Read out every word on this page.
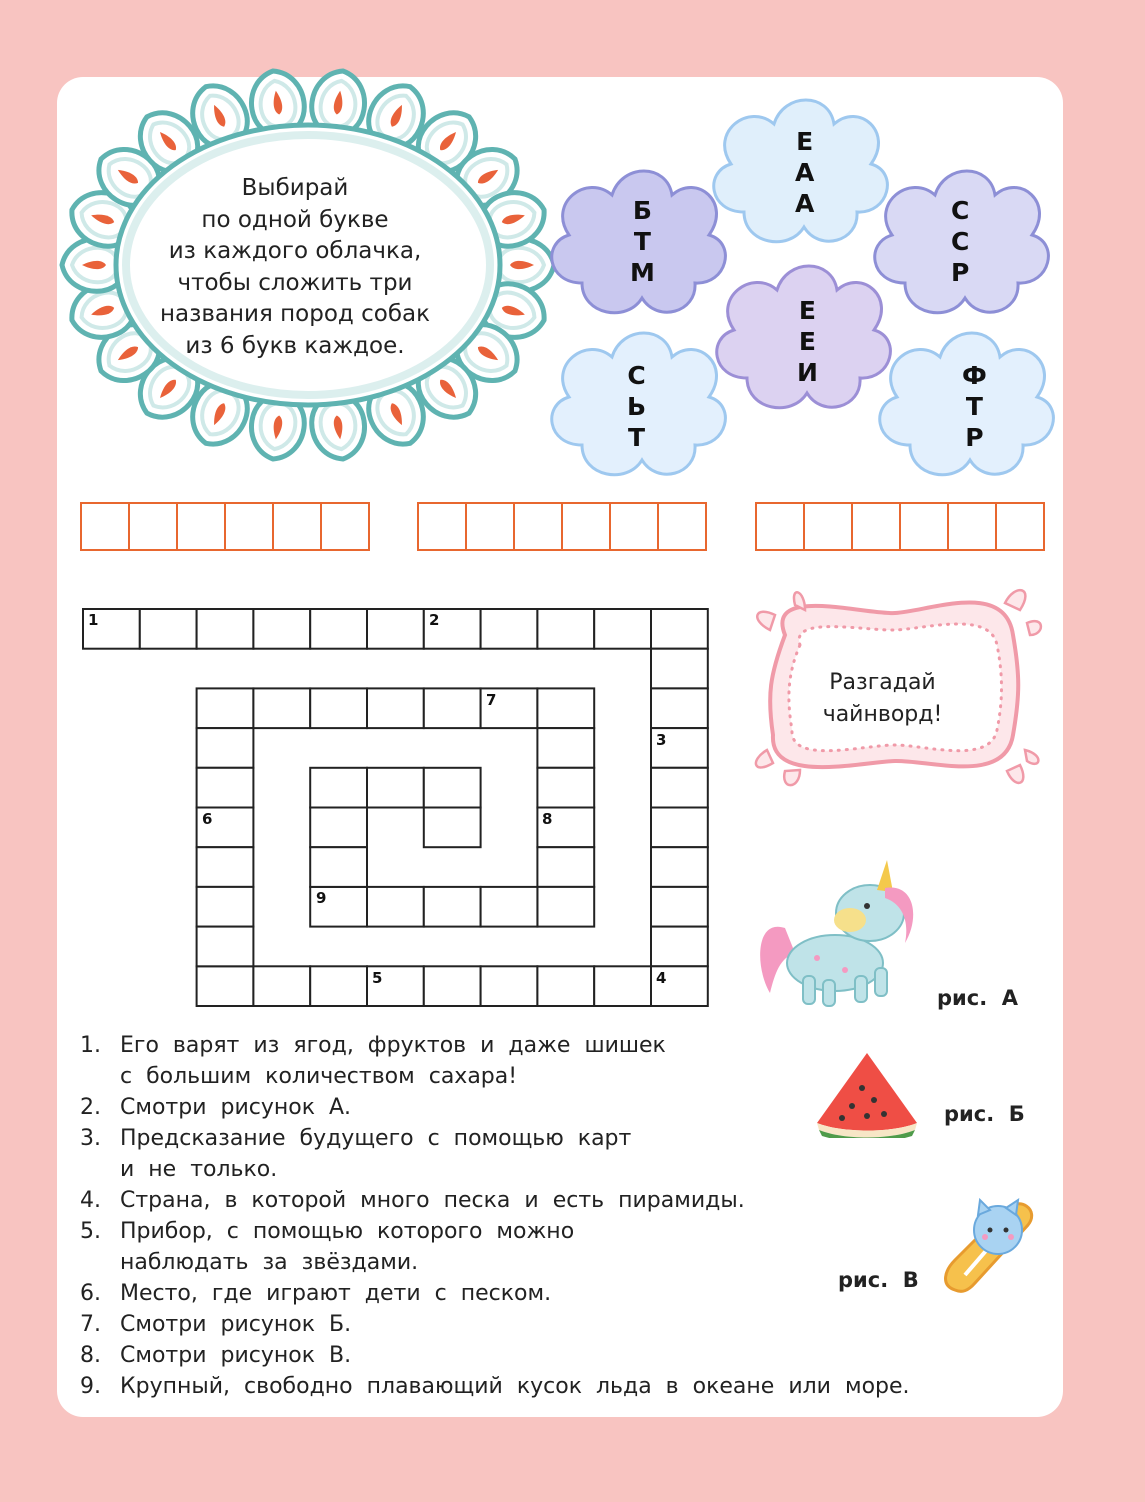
Выбирай
по одной букве
из каждого облачка,
чтобы сложить три
названия пород собак
из 6 букв каждое.
Б
Т
М
Е
А
А	С
С
Р
Е
Е
И
С
Ь
Т
Ф
Т
Р
1	2
3
4
5
6
7
8
9
Разгадай
чайнворд!
рис.  А
рис.  Б
рис.  В
1. Его варят из ягод, фруктов и даже шишек
с большим количеством сахара!
2. Смотри рисунок А.
3. Предсказание будущего с помощью карт
и не только.
4. Страна, в которой много песка и есть пирамиды.
5. Прибор, с помощью которого можно
наблюдать за звёздами.
6. Место, где играют дети с песком.
7. Смотри рисунок Б.
8. Смотри рисунок В.
9. Крупный, свободно плавающий кусок льда в океане или море.
